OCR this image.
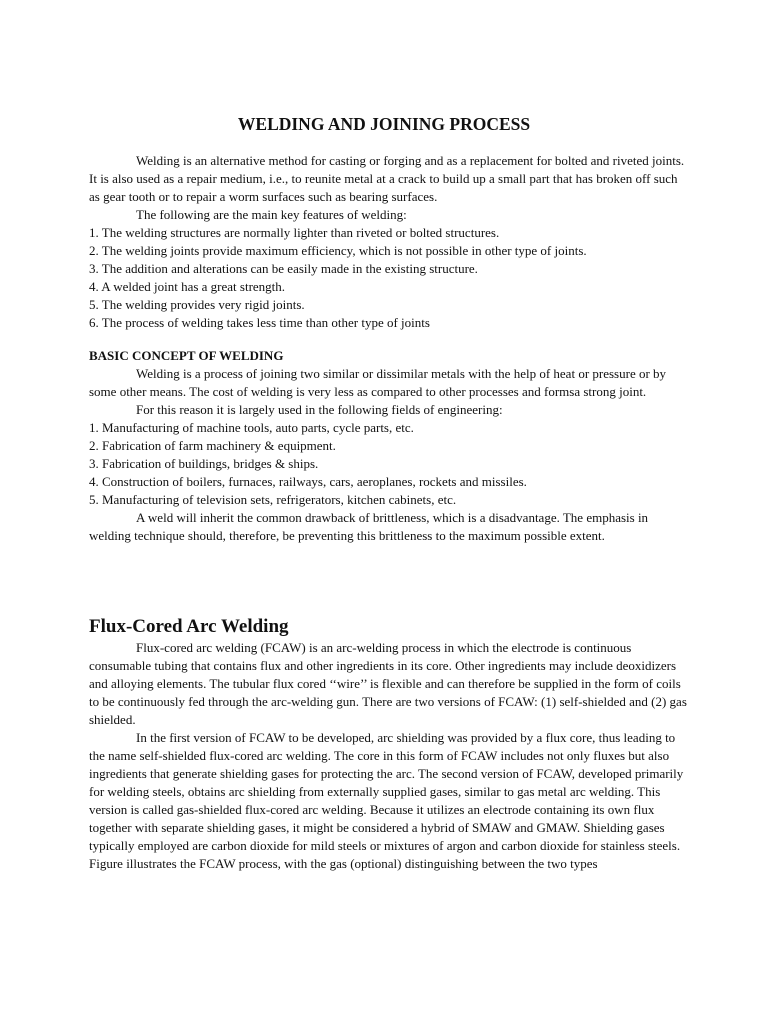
WELDING AND JOINING PROCESS

Welding is an alternative method for casting or forging and as a replacement for bolted and riveted joints. It is also used as a repair medium, i.e., to reunite metal at a crack to build up a small part that has broken off such as gear tooth or to repair a worm surfaces such as bearing surfaces.

The following are the main key features of welding:

1. The welding structures are normally lighter than riveted or bolted structures.

2. The welding joints provide maximum efficiency, which is not possible in other type of joints.

3. The addition and alterations can be easily made in the existing structure.

4. A welded joint has a great strength.

5. The welding provides very rigid joints.

6. The process of welding takes less time than other type of joints

BASIC CONCEPT OF WELDING

Welding is a process of joining two similar or dissimilar metals with the help of heat or pressure or by some other means. The cost of welding is very less as compared to other processes and formsa strong joint.

For this reason it is largely used in the following fields of engineering:

1. Manufacturing of machine tools, auto parts, cycle parts, etc.

2. Fabrication of farm machinery & equipment.

3. Fabrication of buildings, bridges & ships.

4. Construction of boilers, furnaces, railways, cars, aeroplanes, rockets and missiles.

5. Manufacturing of television sets, refrigerators, kitchen cabinets, etc.

A weld will inherit the common drawback of brittleness, which is a disadvantage. The emphasis in welding technique should, therefore, be preventing this brittleness to the maximum possible extent.

Flux-Cored Arc Welding

Flux-cored arc welding (FCAW) is an arc-welding process in which the electrode is continuous consumable tubing that contains flux and other ingredients in its core. Other ingredients may include deoxidizers and alloying elements. The tubular flux cored ‘‘wire’’ is flexible and can therefore be supplied in the form of coils to be continuously fed through the arc-welding gun. There are two versions of FCAW: (1) self-shielded and (2) gas shielded.

In the first version of FCAW to be developed, arc shielding was provided by a flux core, thus leading to the name self-shielded flux-cored arc welding. The core in this form of FCAW includes not only fluxes but also ingredients that generate shielding gases for protecting the arc. The second version of FCAW, developed primarily for welding steels, obtains arc shielding from externally supplied gases, similar to gas metal arc welding. This version is called gas-shielded flux-cored arc welding. Because it utilizes an electrode containing its own flux together with separate shielding gases, it might be considered a hybrid of SMAW and GMAW. Shielding gases typically employed are carbon dioxide for mild steels or mixtures of argon and carbon dioxide for stainless steels. Figure illustrates the FCAW process, with the gas (optional) distinguishing between the two types
